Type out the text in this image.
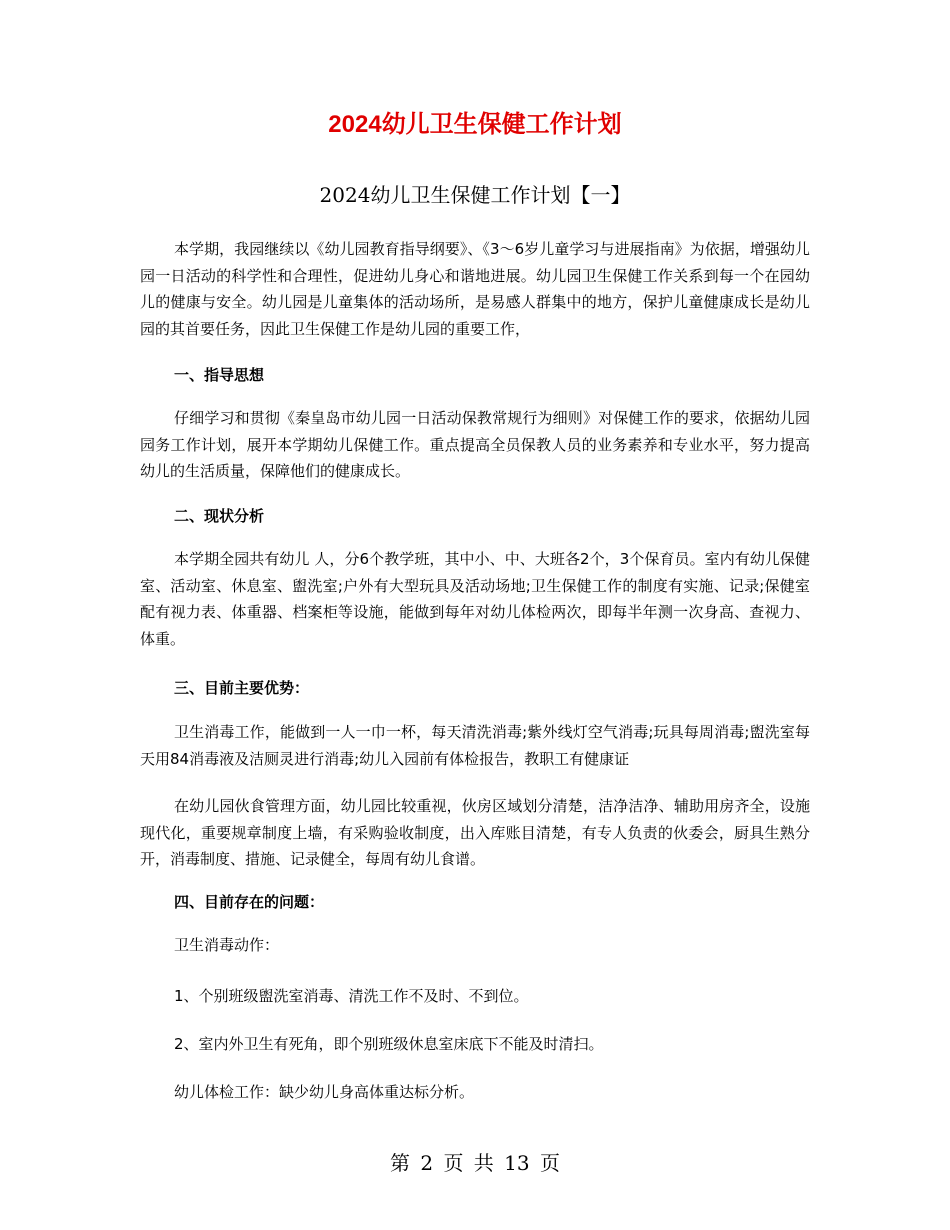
2024幼儿卫生保健工作计划
2024幼儿卫生保健工作计划【一】
本学期，我园继续以《幼儿园教育指导纲要》、《3～6岁儿童学习与进展指南》为依据，增强幼儿园一日活动的科学性和合理性，促进幼儿身心和谐地进展。幼儿园卫生保健工作关系到每一个在园幼儿的健康与安全。幼儿园是儿童集体的活动场所，是易感人群集中的地方，保护儿童健康成长是幼儿园的其首要任务，因此卫生保健工作是幼儿园的重要工作，
一、指导思想
仔细学习和贯彻《秦皇岛市幼儿园一日活动保教常规行为细则》对保健工作的要求，依据幼儿园园务工作计划，展开本学期幼儿保健工作。重点提高全员保教人员的业务素养和专业水平，努力提高幼儿的生活质量，保障他们的健康成长。
二、现状分析
本学期全园共有幼儿 人，分6个教学班，其中小、中、大班各2个，3个保育员。室内有幼儿保健室、活动室、休息室、盥洗室;户外有大型玩具及活动场地;卫生保健工作的制度有实施、记录;保健室配有视力表、体重器、档案柜等设施，能做到每年对幼儿体检两次，即每半年测一次身高、查视力、体重。
三、目前主要优势：
卫生消毒工作，能做到一人一巾一杯，每天清洗消毒;紫外线灯空气消毒;玩具每周消毒;盥洗室每天用84消毒液及洁厕灵进行消毒;幼儿入园前有体检报告，教职工有健康证
在幼儿园伙食管理方面，幼儿园比较重视，伙房区域划分清楚，洁净洁净、辅助用房齐全，设施现代化，重要规章制度上墙，有采购验收制度，出入库账目清楚，有专人负责的伙委会，厨具生熟分开，消毒制度、措施、记录健全，每周有幼儿食谱。
四、目前存在的问题：
卫生消毒动作：
1、个别班级盥洗室消毒、清洗工作不及时、不到位。
2、室内外卫生有死角，即个别班级休息室床底下不能及时清扫。
幼儿体检工作：缺少幼儿身高体重达标分析。
第 2 页 共 13 页
